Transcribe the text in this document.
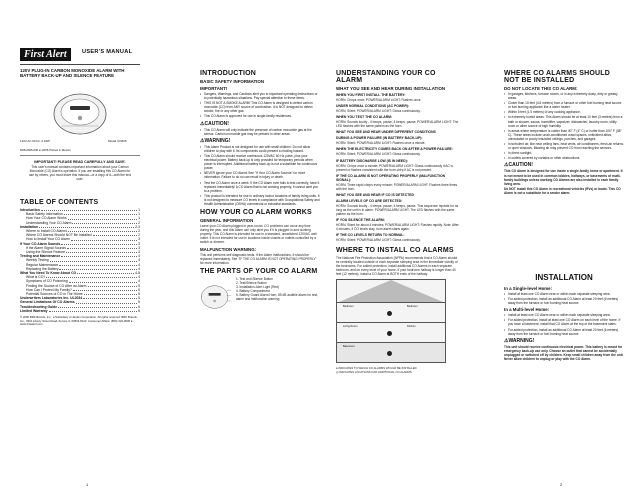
First Alert	USER'S MANUAL
120V PLUG-IN CARBON MONOXIDE ALARM WITH BATTERY BACK-UP AND SILENCE FEATURE
120V AC 60 Hz, 0.24W	Model CO605
M08-0005-000 ● 10/06 Printed in Mexico
IMPORTANT! PLEASE READ CAREFULLY AND SAVE.
This user's manual contains important information about your Carbon Monoxide (CO) Alarm's operation. If you are installing this CO Alarm for use by others, you must leave this manual—or a copy of it—with the end user.
TABLE OF CONTENTS
Introduction	1
Basic Safety Information	1
How Your CO Alarm Works	1
Understanding Your CO Alarm	2
Installation	2-3
Where to Install CO Alarms	2
Where CO Alarms Should NOT Be Installed	2
How to Install Your CO Alarm	3
If Your CO Alarm Sounds	3
If the Alarm Signal Sounds	3
Using the Silence Feature	3
Testing and Maintenance	4
Weekly Testing	4
Regular Maintenance	4
Replacing the Battery	4
What You Need To Know About CO	4-5
What is CO?	4
Symptoms of CO Poisoning	4
Finding the Source of CO After an Alarm	5
How Can I Protect My Family?	5
Potential Sources of CO in The Home	5
Underwriters Laboratories Inc. UL2034	5
General Limitations Of CO Alarms	5
Troubleshooting Guide	6
Limited Warranty	6
© 2006 BRK Brands, Inc., a Subsidiary of Jarden Corporation. All rights reserved. BRK Brands, Inc., 3901 Liberty Street Road, Aurora, IL 60504-8122. Consumer Affairs: (800) 323-9005 ● www.firstalert.com
INTRODUCTION
BASIC SAFETY INFORMATION
IMPORTANT!
• Dangers, Warnings, and Cautions alert you to important operating instructions or to potentially hazardous situations. Pay special attention to these items.
• THIS IS NOT A SMOKE ALARM! This CO Alarm is designed to detect carbon monoxide (CO) from ANY source of combustion. It is NOT designed to detect smoke, fire or any other gas.
• This CO Alarm is approved for use in single-family residences.
⚠CAUTION!
• This CO Alarm will only indicate the presence of carbon monoxide gas at the sensor. Carbon monoxide gas may be present in other areas.
⚠WARNING!
• This Alarm Product is not designed for use with small children. Do not allow children to play with it. Its components could present a choking hazard.
• This CO Alarm should receive continuous 120VAC 60 Hz pulse, plus your electrical power. Battery back-up is only provided for temporary periods when power is interrupted. Additional battery back-up is not a substitute for continuous power.
• NEVER ignore your CO Alarm! See "If Your CO Alarm Sounds" for more information. Failure to do so can result in injury or death.
• Test the CO Alarm once a week. If the CO Alarm ever fails to test correctly, have it replaced immediately! A CO Alarm that is not working properly, it cannot alert you to a problem.
• This product is intended for use in ordinary indoor locations of family living units. It is not designed to measure CO levels in compliance with Occupational Safety and Health Administration (OSHA) commercial or industrial standards.
HOW YOUR CO ALARM WORKS
GENERAL INFORMATION
Leave your CO Alarm plugged in year-round. CO problems can occur any time during the year, and this Alarm can only alert you if it is plugged in and working properly. This CO Alarm is intended for use in a standard, unswitched 120VAC wall outlet. It is not intended for use in locations inside closets or outlets controlled by a switch or dimmer.
MALFUNCTION WARNING:
This unit performs self diagnostic tests. If the Alarm malfunctions, it should be replaced immediately. See "IF THE CO ALARM IS NOT OPERATING PROPERLY" for more information.
THE PARTS OF YOUR CO ALARM
1. Test and Silence Button
2. Test/Silence Button
3. Installation-Alert Light (Red)
4. Battery Compartment
5. Battery Guard Alarm-Horn; 85 dB audible alarm for test, alarm and malfunction warning
1
UNDERSTANDING YOUR CO ALARM
WHAT YOU SEE AND HEAR DURING INSTALLATION
WHEN YOU FIRST INSTALL THE BATTERY:
HORN: Chirps once; POWER/ALARM LIGHT: Flashes once.
UNDER NORMAL CONDITIONS (AC POWER):
HORN: Silent; POWER/ALARM LIGHT: Glows continuously.
WHEN YOU TEST THE CO ALARM:
HORN: Sounds loudly - 4 beeps, pause, 4 beeps, pause; POWER/ALARM LIGHT: The LED flashes with the same pattern as the horn.
WHAT YOU SEE AND HEAR UNDER DIFFERENT CONDITIONS
DURING A POWER FAILURE (IN BATTERY BACK-UP):
HORN: Silent; POWER/ALARM LIGHT: Flashes once a minute.
WHEN THE ELECTRICITY COMES BACK ON AFTER A POWER FAILURE:
HORN: Silent; POWER/ALARM LIGHT: Glows continuously.
IF BATTERY DISCHARGE LOW (IS IN NEED):
HORN: Chirps once a minute; POWER/ALARM LIGHT: Glows continuously if AC is present or flashes consistent with the horn chirp if AC is not present.
IF THE CO ALARM IS NOT OPERATING PROPERLY (MALFUNCTION SIGNAL):
HORN: Three rapid chirps every minute; POWER/ALARM LIGHT: Flashes three times with the horn.
WHAT YOU SEE AND HEAR IF CO IS DETECTED
ALARM LEVELS OF CO ARE DETECTED:
HORN: Sounds loudly - 4 beeps, pause, 4 beeps, pause. This sequence repeats for as long as the unit is in alarm. POWER/ALARM LIGHT: The LED flashes with the same pattern as the horn.
IF YOU SILENCE THE ALARM:
HORN: Silent for about 4 minutes; POWER/ALARM LIGHT: Flashes rapidly. Note: After 4 minutes, if CO levels stay, horn alarm starts again.
IF THE CO LEVELS RETURN TO NORMAL:
HORN: Silent; POWER/ALARM LIGHT: Glows continuously.
WHERE TO INSTALL CO ALARMS
The National Fire Protection Association (NFPA) recommends that a CO Alarm should be centrally located outside of each separate sleeping area in the immediate vicinity of the bedrooms. For added protection, install additional CO Alarms in each separate bedroom, and on every level of your home. If your bedroom hallway is longer than 40 feet (12 meters), install a CO Alarm at BOTH ends of the hallway.
Bedroom	Bedroom
Living Room	Kitchen
Basement
● INDICATES TO WHICH CO ALARMS WOULD BE INSTALLED
◎ INDICATES LOCATIONS FOR ADDITIONAL CO ALARMS
WHERE CO ALARMS SHOULD NOT BE INSTALLED
DO NOT LOCATE THIS CO ALARM:
• In garages, kitchens, furnace rooms, or in any extremely dusty, dirty or greasy areas.
• Closer than 15 feet (4.6 meters) from a furnace or other fuel burning heat source or fuel burning appliance like a water heater.
• Within 5 feet (1.5 meters) of any cooking appliance.
• In extremely humid areas. This Alarm should be at least 10 feet (3 meters) from a bath or shower, sauna, humidifier, vaporizer, dishwasher, laundry room, utility room or other source of high humidity.
• In areas where temperature is colder than 40° F (4° C) or hotter than 100° F (38° C). These areas include unair-conditioned crawl spaces, unfinished attics, uninsulated or poorly insulated ceilings, porches, and garages.
• In turbulent air, like near ceiling fans, heat vents, air conditioners, fresh-air returns, or open windows. Blowing air may prevent CO from reaching the sensors.
• In direct sunlight.
• In outlets covered by curtains or other obstructions.
⚠CAUTION!
This CO Alarm is designed for use inside a single-family home or apartment. It is not meant to be used in common lobbies, hallways, or basements of multi-family buildings unless working CO Alarms are also installed in each family living area.
Do NOT install this CO Alarm in recreational vehicles (RVs) or boats. This CO Alarm is not a substitute for a smoke alarm.
INSTALLATION
In a Single-level Home:
• Install at least one CO Alarm near or within each separate sleeping area.
• For added protection, install an additional CO Alarm at least 20 feet (6 meters) away from the furnace or fuel burning heat source.
In a Multi-level Home:
• Install at least one CO Alarm near or within each separate sleeping area.
• For added protection, install at least one CO Alarm on each level of the home. If you have a basement, install that CO Alarm at the top of the basement stairs.
• For added protection, install an additional CO Alarm at least 20 feet (6 meters) away from the furnace or fuel burning heat source.
⚠WARNING!
This unit should receive continuous electrical power. This battery is meant for emergency back-up use only. Choose an outlet that cannot be accidentally unplugged or switched off by children. Keep small children away from the unit. Never allow children to unplug or play with the CO Alarm.
2
